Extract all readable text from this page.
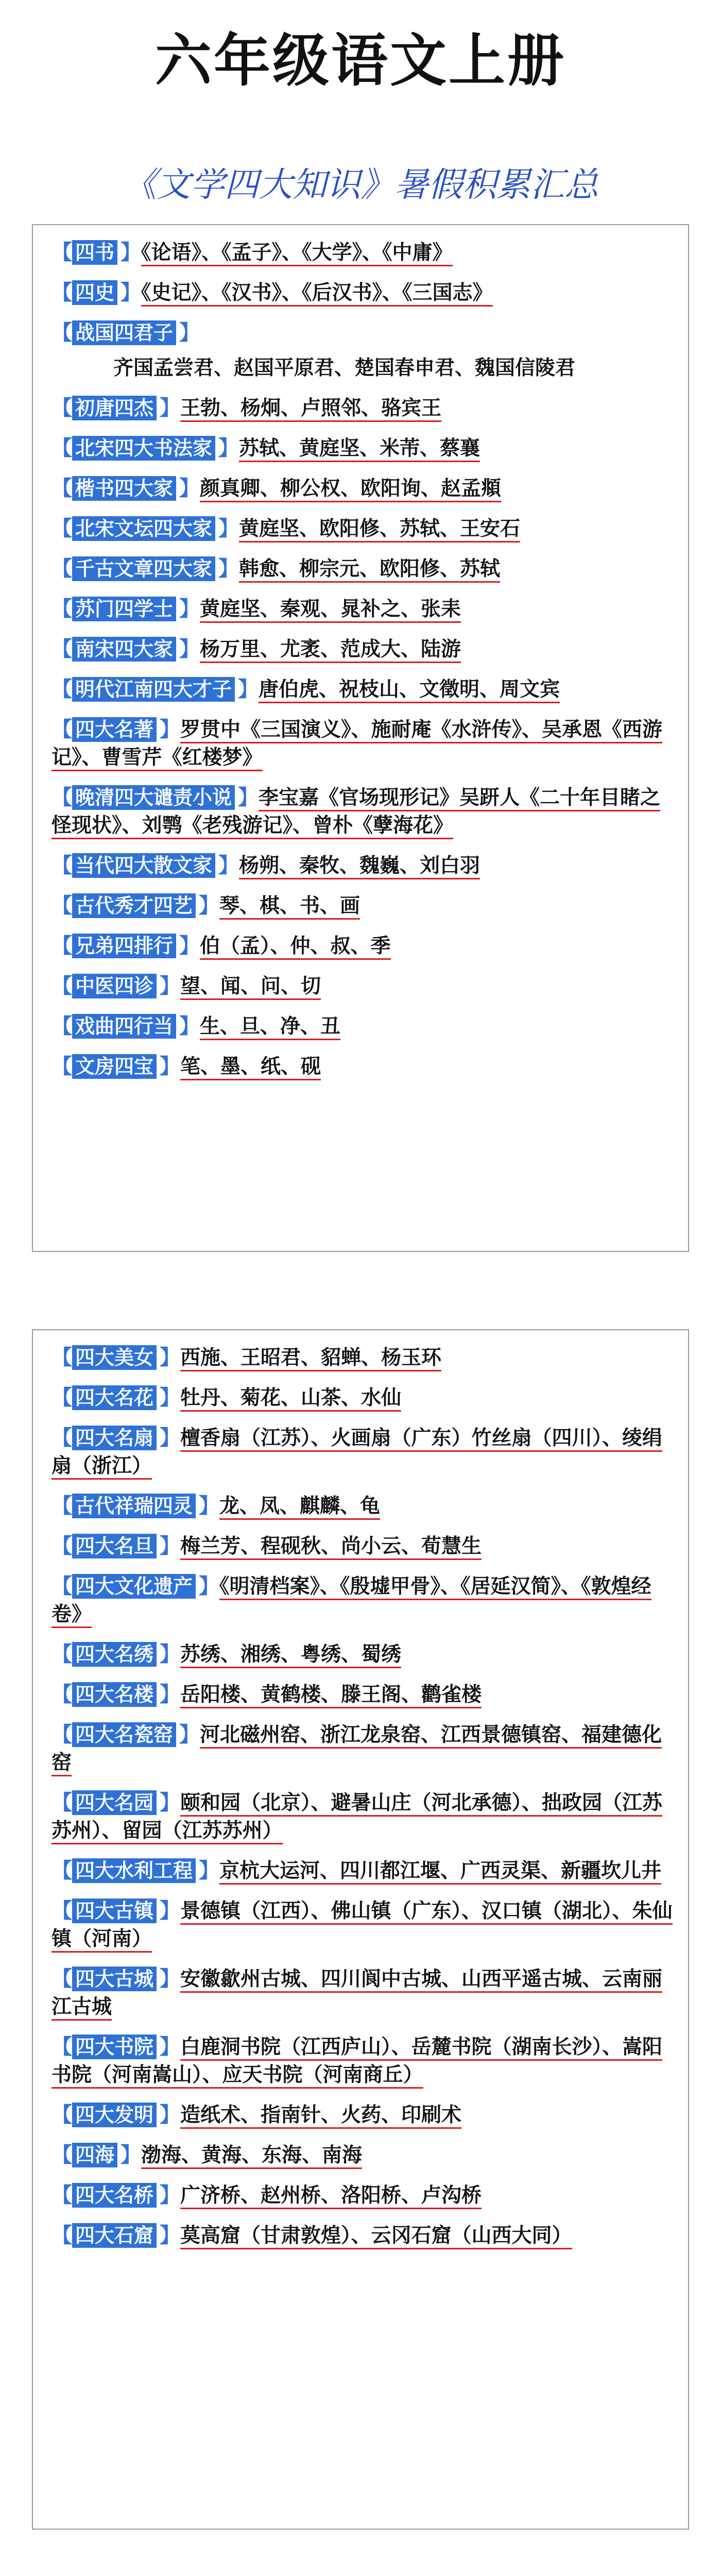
六年级语文上册
《文学四大知识》暑假积累汇总
【 四书 】《论语》、《孟子》、《大学》、《中庸》
【 四史 】《史记》、《汉书》、《后汉书》、《三国志》
【 战国四君子 】
齐国孟尝君、赵国平原君、楚国春申君、魏国信陵君
【 初唐四杰 】王勃、杨炯、卢照邻、骆宾王
【 北宋四大书法家 】苏轼、黄庭坚、米芾、蔡襄
【 楷书四大家 】颜真卿、柳公权、欧阳询、赵孟頫
【 北宋文坛四大家 】黄庭坚、欧阳修、苏轼、王安石
【 千古文章四大家 】韩愈、柳宗元、欧阳修、苏轼
【 苏门四学士 】黄庭坚、秦观、晁补之、张耒
【 南宋四大家 】杨万里、尤袤、范成大、陆游
【 明代江南四大才子 】唐伯虎、祝枝山、文徵明、周文宾
【 四大名著 】罗贯中《三国演义》、施耐庵《水浒传》、吴承恩《西游记》、曹雪芹《红楼梦》
【 晚清四大谴责小说 】李宝嘉《官场现形记》吴趼人《二十年目睹之怪现状》、刘鹗《老残游记》、曾朴《孽海花》
【 当代四大散文家 】杨朔、秦牧、魏巍、刘白羽
【 古代秀才四艺 】琴、棋、书、画
【 兄弟四排行 】伯（孟）、仲、叔、季
【 中医四诊 】望、闻、问、切
【 戏曲四行当 】生、旦、净、丑
【 文房四宝 】笔、墨、纸、砚
【 四大美女 】西施、王昭君、貂蝉、杨玉环
【 四大名花 】牡丹、菊花、山茶、水仙
【 四大名扇 】檀香扇（江苏）、火画扇（广东）竹丝扇（四川）、绫绢扇（浙江）
【 古代祥瑞四灵 】龙、凤、麒麟、龟
【 四大名旦 】梅兰芳、程砚秋、尚小云、荀慧生
【 四大文化遗产 】《明清档案》、《殷墟甲骨》、《居延汉简》、《敦煌经卷》
【 四大名绣 】苏绣、湘绣、粤绣、蜀绣
【 四大名楼 】岳阳楼、黄鹤楼、滕王阁、鹳雀楼
【 四大名瓷窑 】河北磁州窑、浙江龙泉窑、江西景德镇窑、福建德化窑
【 四大名园 】颐和园（北京）、避暑山庄（河北承德）、拙政园（江苏苏州）、留园（江苏苏州）
【 四大水利工程 】京杭大运河、四川都江堰、广西灵渠、新疆坎儿井
【 四大古镇 】景德镇（江西）、佛山镇（广东）、汉口镇（湖北）、朱仙镇（河南）
【 四大古城 】安徽歙州古城、四川阆中古城、山西平遥古城、云南丽江古城
【 四大书院 】白鹿洞书院（江西庐山）、岳麓书院（湖南长沙）、嵩阳书院（河南嵩山）、应天书院（河南商丘）
【 四大发明 】造纸术、指南针、火药、印刷术
【 四海 】渤海、黄海、东海、南海
【 四大名桥 】广济桥、赵州桥、洛阳桥、卢沟桥
【 四大石窟 】莫高窟（甘肃敦煌）、云冈石窟（山西大同）
